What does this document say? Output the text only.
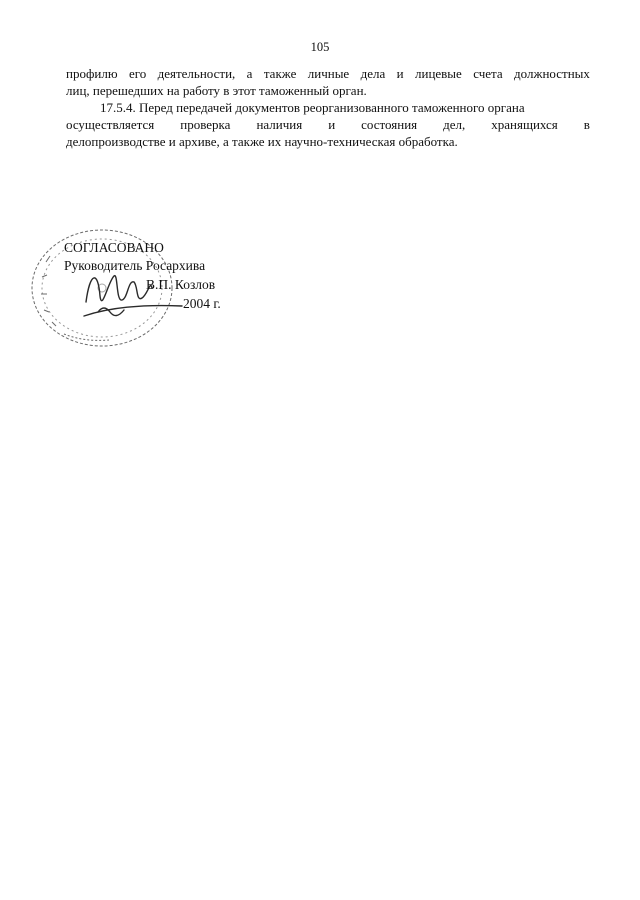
105
профилю его деятельности, а также личные дела и лицевые счета должностных
лиц, перешедших на работу в этот таможенный орган.
17.5.4. Перед передачей документов реорганизованного таможенного органа
осуществляется проверка наличия и состояния дел, хранящихся в
делопроизводстве и архиве, а также их научно-техническая обработка.
СОГЛАСОВАНО
Руководитель Росархива
В.П. Козлов
2004 г.
